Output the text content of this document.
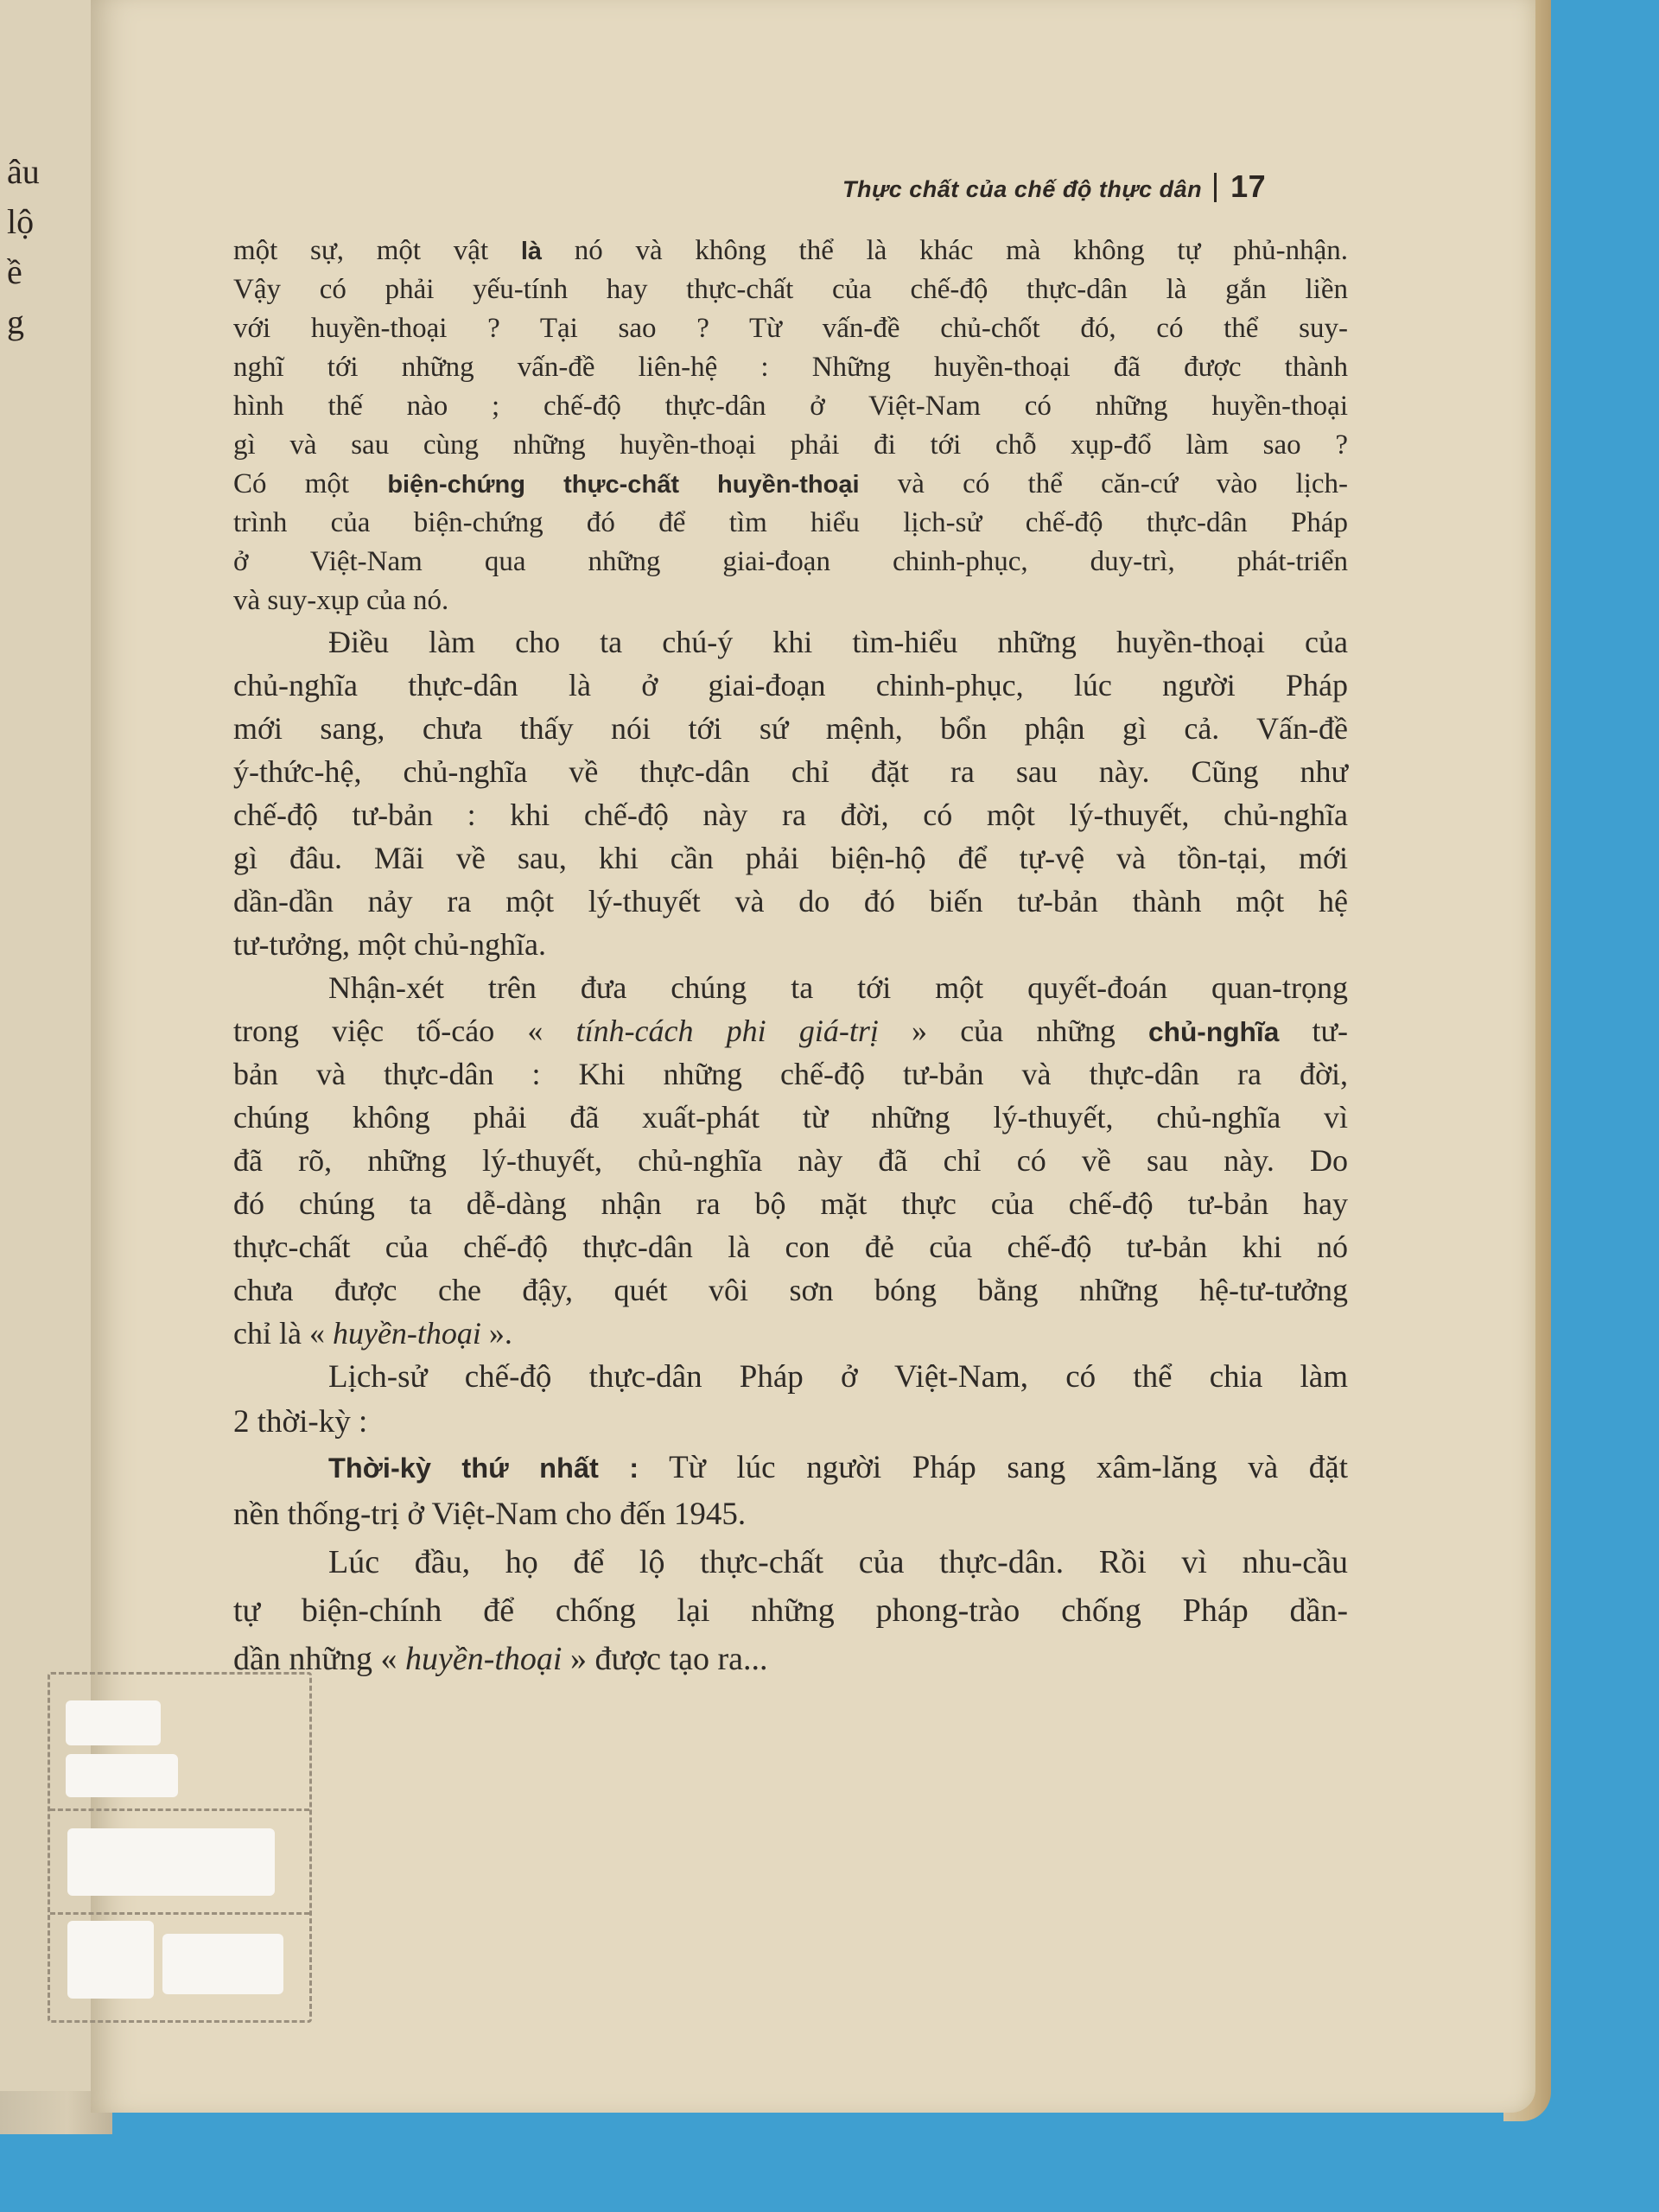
âu
lộ
ề
g
Thực chất của chế độ thực dân 17

một sự, một vật là nó và không thể là khác mà không tự phủ-nhận.
Vậy có phải yếu-tính hay thực-chất của chế-độ thực-dân là gắn liền
với huyền-thoại ? Tại sao ? Từ vấn-đề chủ-chốt đó, có thể suy-
nghĩ tới những vấn-đề liên-hệ : Những huyền-thoại đã được thành
hình thế nào ; chế-độ thực-dân ở Việt-Nam có những huyền-thoại
gì và sau cùng những huyền-thoại phải đi tới chỗ xụp-đổ làm sao ?
Có một biện-chứng thực-chất huyền-thoại và có thể căn-cứ vào lịch-
trình của biện-chứng đó để tìm hiểu lịch-sử chế-độ thực-dân Pháp
ở Việt-Nam qua những giai-đoạn chinh-phục, duy-trì, phát-triển
và suy-xụp của nó.

Điều làm cho ta chú-ý khi tìm-hiểu những huyền-thoại của
chủ-nghĩa thực-dân là ở giai-đoạn chinh-phục, lúc người Pháp
mới sang, chưa thấy nói tới sứ mệnh, bổn phận gì cả. Vấn-đề
ý-thức-hệ, chủ-nghĩa về thực-dân chỉ đặt ra sau này. Cũng như
chế-độ tư-bản : khi chế-độ này ra đời, có một lý-thuyết, chủ-nghĩa
gì đâu. Mãi về sau, khi cần phải biện-hộ để tự-vệ và tồn-tại, mới
dần-dần nảy ra một lý-thuyết và do đó biến tư-bản thành một hệ
tư-tưởng, một chủ-nghĩa.

Nhận-xét trên đưa chúng ta tới một quyết-đoán quan-trọng
trong việc tố-cáo « tính-cách phi giá-trị » của những chủ-nghĩa tư-
bản và thực-dân : Khi những chế-độ tư-bản và thực-dân ra đời,
chúng không phải đã xuất-phát từ những lý-thuyết, chủ-nghĩa vì
đã rõ, những lý-thuyết, chủ-nghĩa này đã chỉ có về sau này. Do
đó chúng ta dễ-dàng nhận ra bộ mặt thực của chế-độ tư-bản hay
thực-chất của chế-độ thực-dân là con đẻ của chế-độ tư-bản khi nó
chưa được che đậy, quét vôi sơn bóng bằng những hệ-tư-tưởng
chỉ là « huyền-thoại ».

Lịch-sử chế-độ thực-dân Pháp ở Việt-Nam, có thể chia làm
2 thời-kỳ :

Thời-kỳ thứ nhất : Từ lúc người Pháp sang xâm-lăng và đặt
nền thống-trị ở Việt-Nam cho đến 1945.

Lúc đầu, họ để lộ thực-chất của thực-dân. Rồi vì nhu-cầu
tự biện-chính để chống lại những phong-trào chống Pháp dần-
dần những « huyền-thoại » được tạo ra...
